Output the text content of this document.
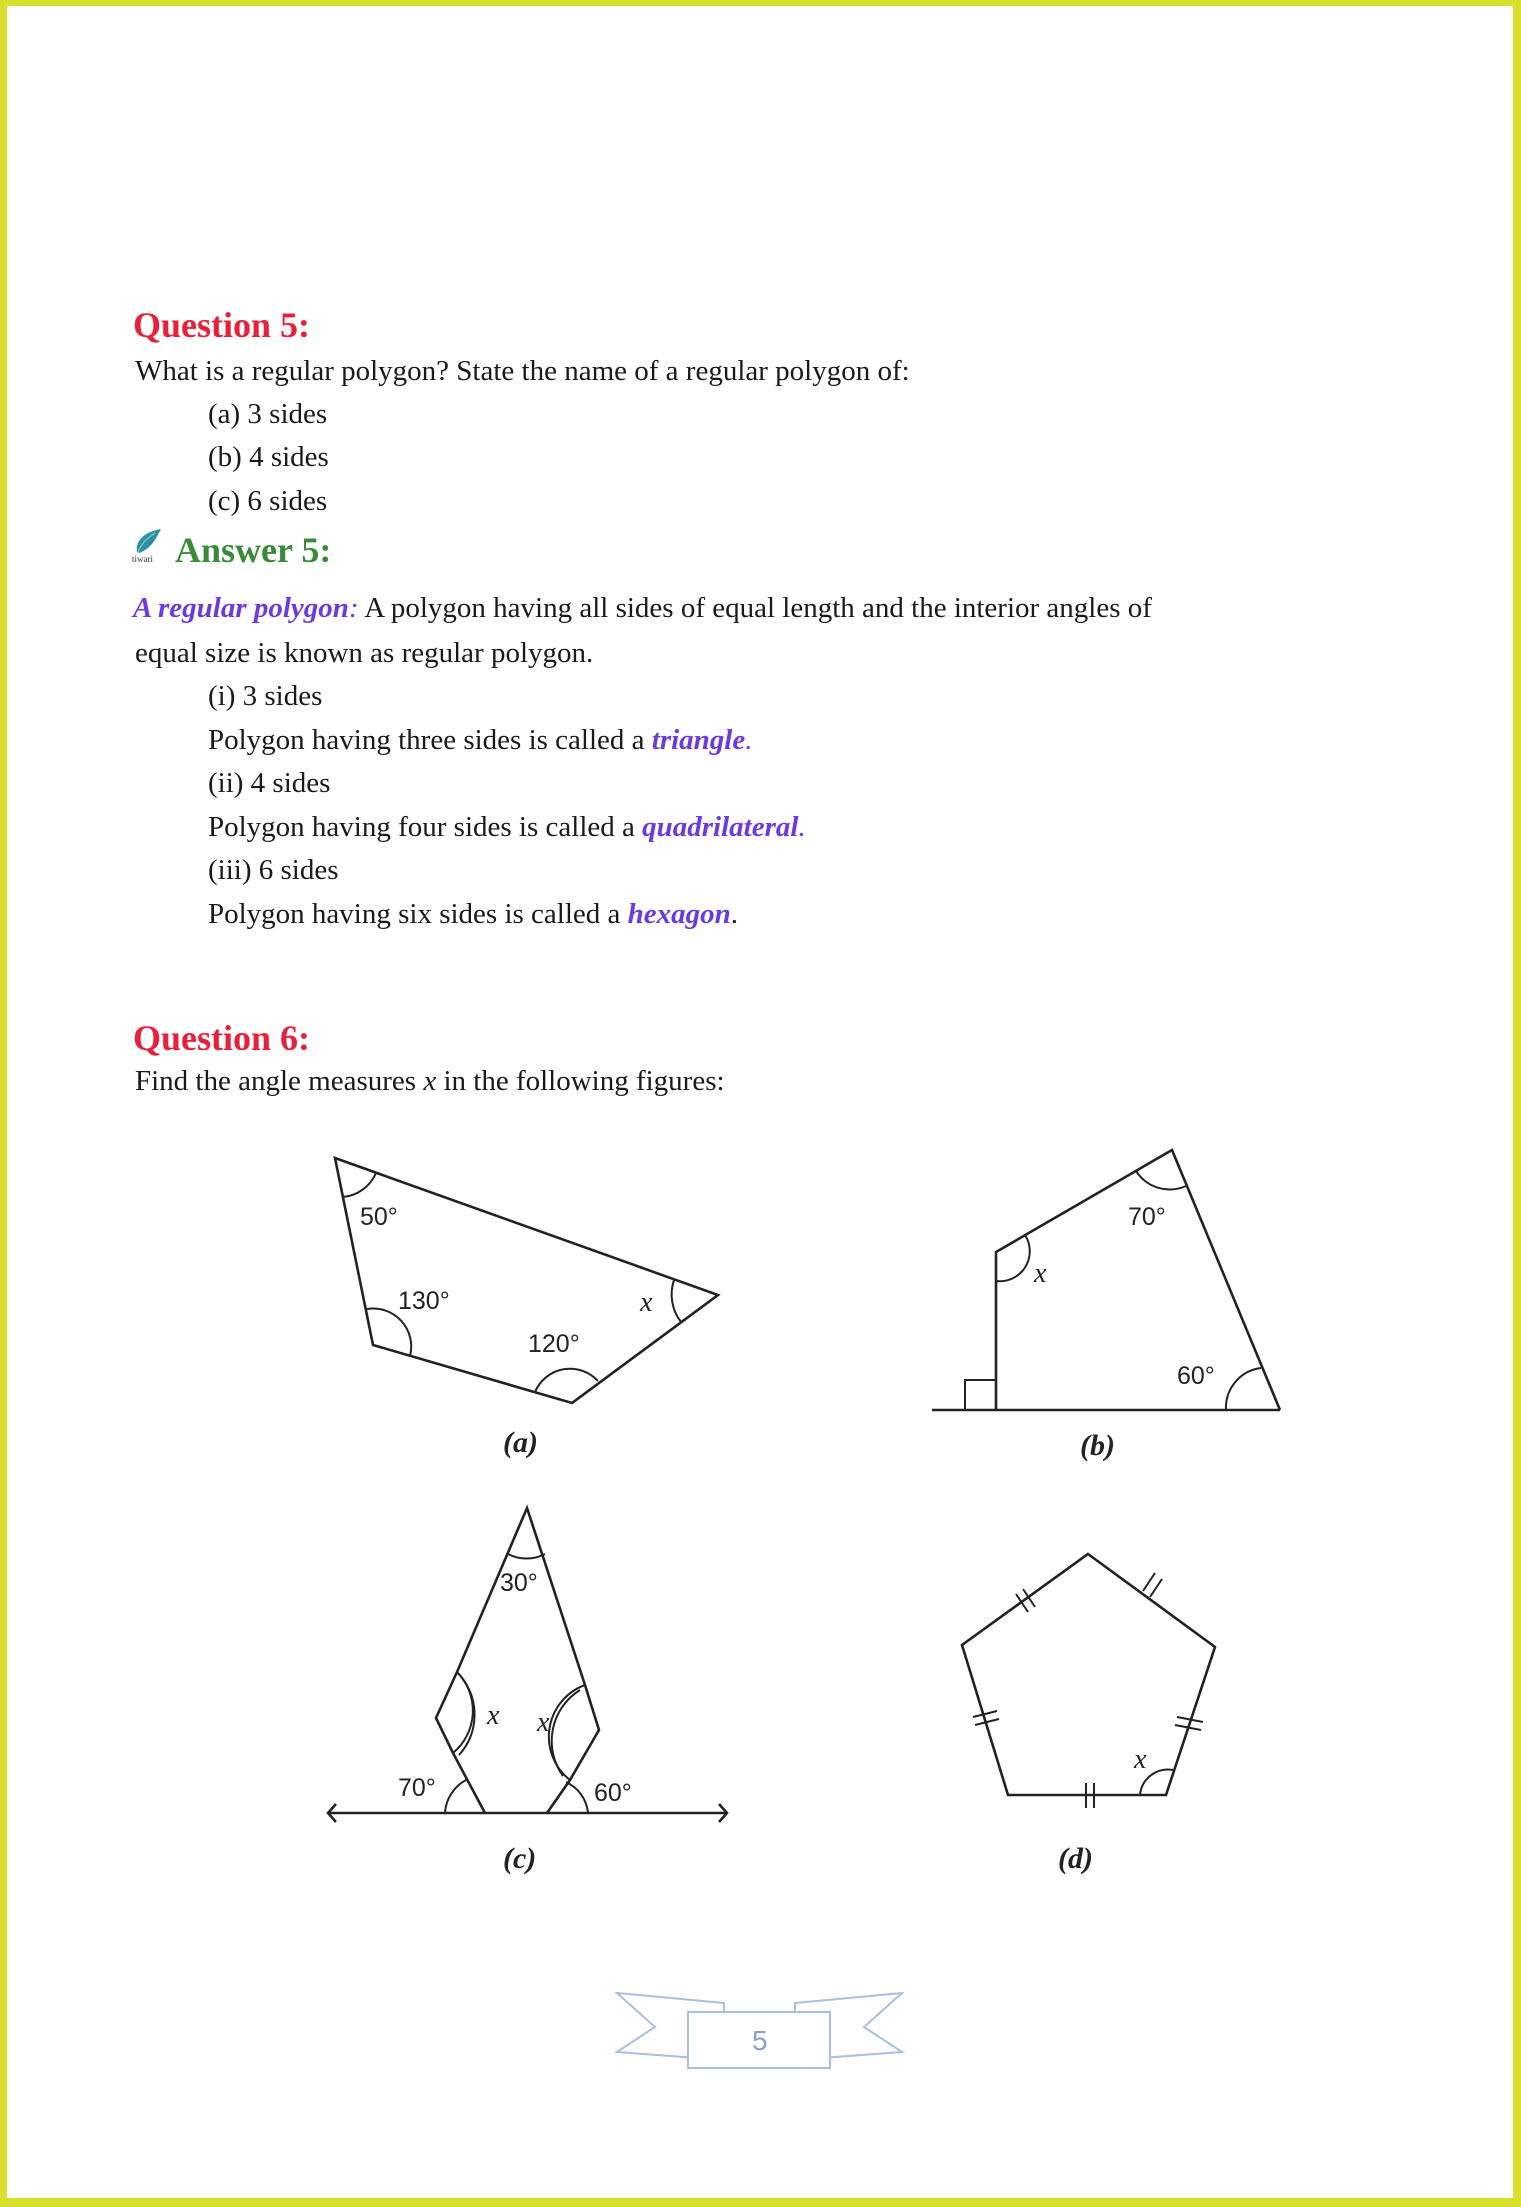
Question 5:
What is a regular polygon? State the name of a regular polygon of:
(a) 3 sides
(b) 4 sides
(c) 6 sides
tiwari Answer 5:
A regular polygon: A polygon having all sides of equal length and the interior angles of
equal size is known as regular polygon.
(i) 3 sides
Polygon having three sides is called a triangle.
(ii) 4 sides
Polygon having four sides is called a quadrilateral.
(iii) 6 sides
Polygon having six sides is called a hexagon.
Question 6:
Find the angle measures x in the following figures:
50°
130°
120°
x
(a)
x
70°
60°
(b)
30°
x x
70°	60°
(c)
x
(d)
5
